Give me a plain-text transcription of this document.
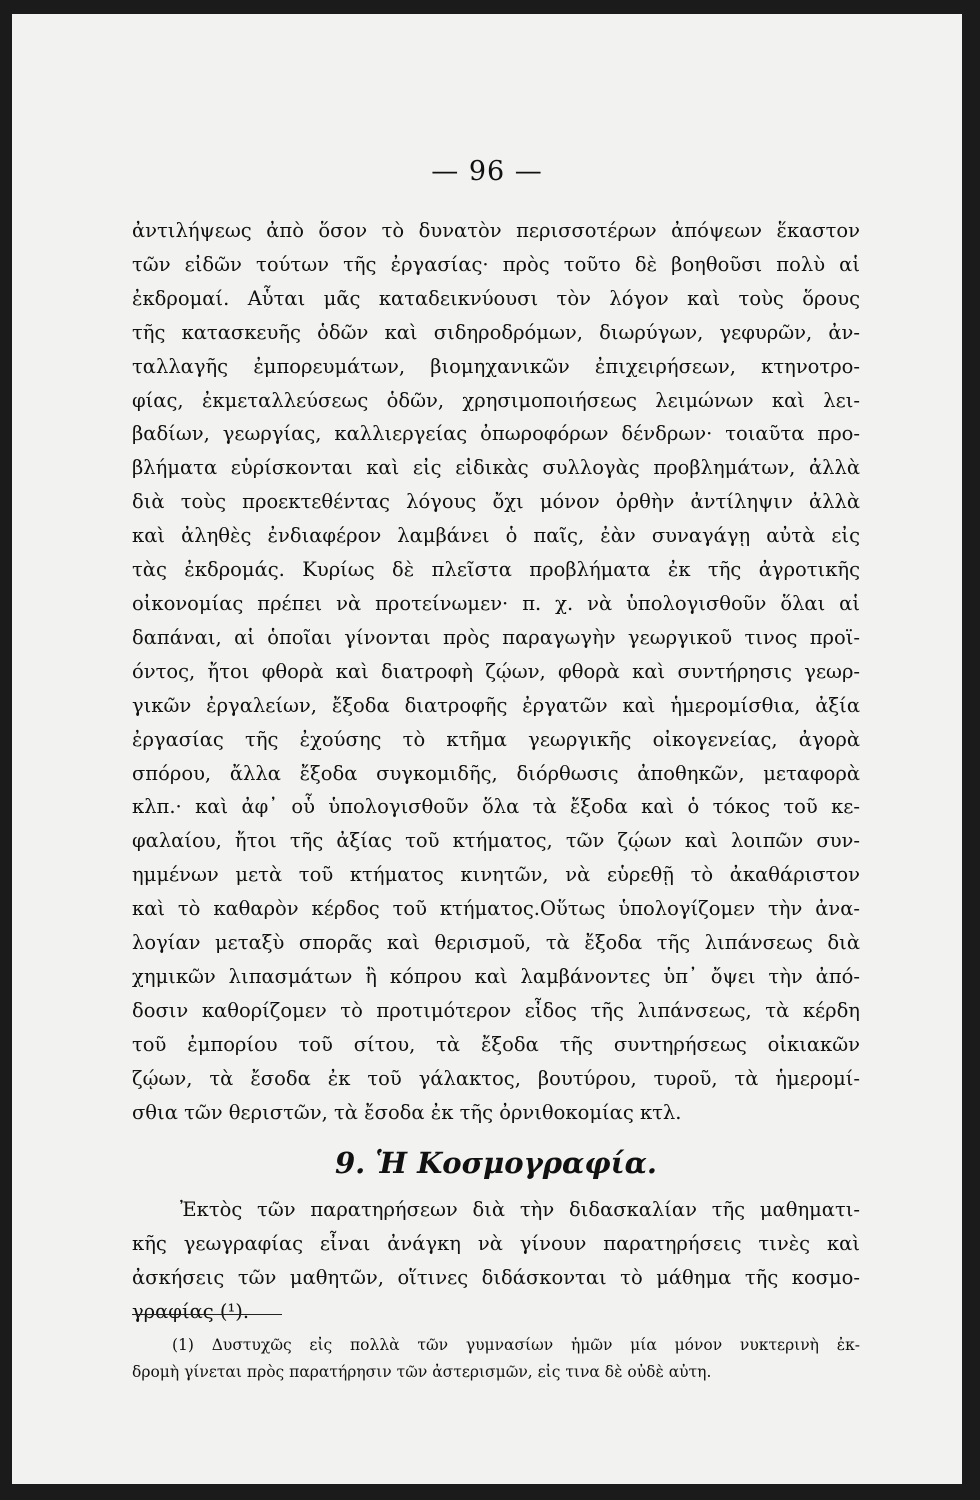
— 96 —
ἀντιλήψεως ἀπὸ ὅσον τὸ δυνατὸν περισσοτέρων ἀπόψεων ἕκαστον
τῶν εἰδῶν τούτων τῆς ἐργασίας· πρὸς τοῦτο δὲ βοηθοῦσι πολὺ αἱ
ἐκδρομαί. Αὗται μᾶς καταδεικνύουσι τὸν λόγον καὶ τοὺς ὅρους
τῆς κατασκευῆς ὁδῶν καὶ σιδηροδρόμων, διωρύγων, γεφυρῶν, ἀν-
ταλλαγῆς ἐμπορευμάτων, βιομηχανικῶν ἐπιχειρήσεων, κτηνοτρο-
φίας, ἐκμεταλλεύσεως ὁδῶν, χρησιμοποιήσεως λειμώνων καὶ λει-
βαδίων, γεωργίας, καλλιεργείας ὀπωροφόρων δένδρων· τοιαῦτα προ-
βλήματα εὑρίσκονται καὶ εἰς εἰδικὰς συλλογὰς προβλημάτων, ἀλλὰ
διὰ τοὺς προεκτεθέντας λόγους ὄχι μόνον ὀρθὴν ἀντίληψιν ἀλλὰ
καὶ ἀληθὲς ἐνδιαφέρον λαμβάνει ὁ παῖς, ἐὰν συναγάγῃ αὐτὰ εἰς
τὰς ἐκδρομάς. Κυρίως δὲ πλεῖστα προβλήματα ἐκ τῆς ἀγροτικῆς
οἰκονομίας πρέπει νὰ προτείνωμεν· π. χ. νὰ ὑπολογισθοῦν ὅλαι αἱ
δαπάναι, αἱ ὁποῖαι γίνονται πρὸς παραγωγὴν γεωργικοῦ τινος προϊ-
όντος, ἤτοι φθορὰ καὶ διατροφὴ ζῴων, φθορὰ καὶ συντήρησις γεωρ-
γικῶν ἐργαλείων, ἔξοδα διατροφῆς ἐργατῶν καὶ ἡμερομίσθια, ἀξία
ἐργασίας τῆς ἐχούσης τὸ κτῆμα γεωργικῆς οἰκογενείας, ἀγορὰ
σπόρου, ἄλλα ἔξοδα συγκομιδῆς, διόρθωσις ἀποθηκῶν, μεταφορὰ
κλπ.· καὶ ἀφ᾿ οὗ ὑπολογισθοῦν ὅλα τὰ ἔξοδα καὶ ὁ τόκος τοῦ κε-
φαλαίου, ἤτοι τῆς ἀξίας τοῦ κτήματος, τῶν ζῴων καὶ λοιπῶν συν-
ημμένων μετὰ τοῦ κτήματος κινητῶν, νὰ εὑρεθῇ τὸ ἀκαθάριστον
καὶ τὸ καθαρὸν κέρδος τοῦ κτήματος.Οὕτως ὑπολογίζομεν τὴν ἀνα-
λογίαν μεταξὺ σπορᾶς καὶ θερισμοῦ, τὰ ἔξοδα τῆς λιπάνσεως διὰ
χημικῶν λιπασμάτων ἢ κόπρου καὶ λαμβάνοντες ὑπ᾿ ὄψει τὴν ἀπό-
δοσιν καθορίζομεν τὸ προτιμότερον εἶδος τῆς λιπάνσεως, τὰ κέρδη
τοῦ ἐμπορίου τοῦ σίτου, τὰ ἔξοδα τῆς συντηρήσεως οἰκιακῶν
ζῴων, τὰ ἔσοδα ἐκ τοῦ γάλακτος, βουτύρου, τυροῦ, τὰ ἡμερομί-
σθια τῶν θεριστῶν, τὰ ἔσοδα ἐκ τῆς ὀρνιθοκομίας κτλ.
9. Ἡ Κοσμογραφία.
Ἐκτὸς τῶν παρατηρήσεων διὰ τὴν διδασκαλίαν τῆς μαθηματι-
κῆς γεωγραφίας εἶναι ἀνάγκη νὰ γίνουν παρατηρήσεις τινὲς καὶ
ἀσκήσεις τῶν μαθητῶν, οἵτινες διδάσκονται τὸ μάθημα τῆς κοσμο-
γραφίας (¹).
(1) Δυστυχῶς εἰς πολλὰ τῶν γυμνασίων ἡμῶν μία μόνον νυκτερινὴ ἐκ-
δρομὴ γίνεται πρὸς παρατήρησιν τῶν ἀστερισμῶν, εἰς τινα δὲ οὐδὲ αὐτη.
